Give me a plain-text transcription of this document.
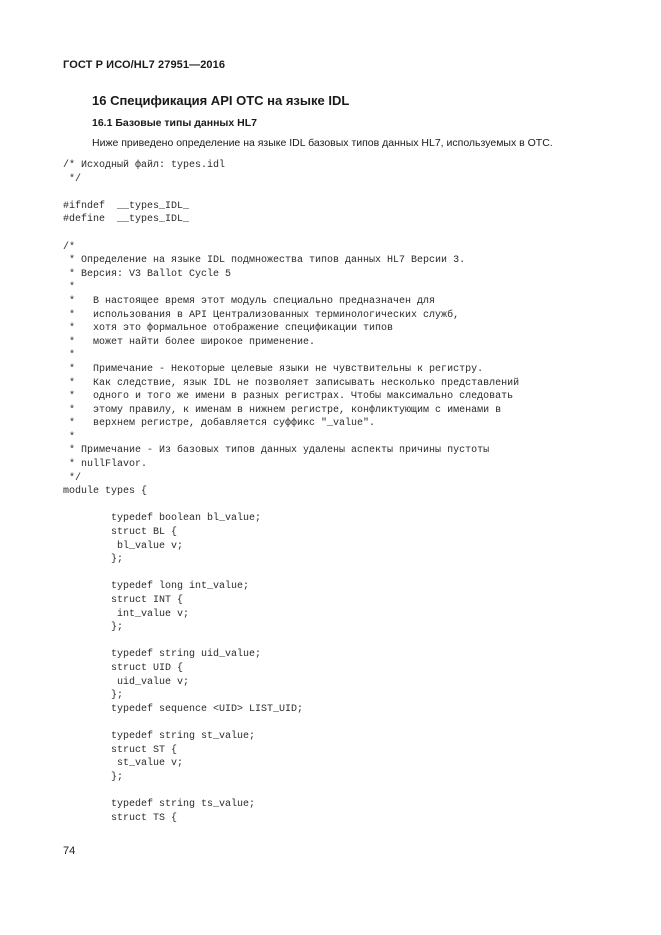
ГОСТ Р ИСО/HL7 27951—2016
16 Спецификация API OTC на языке IDL
16.1 Базовые типы данных HL7
Ниже приведено определение на языке IDL базовых типов данных HL7, используемых в ОТС.
/* Исходный файл: types.idl
*/
#ifndef  __types_IDL_
#define  __types_IDL_
/*
* Определение на языке IDL подмножества типов данных HL7 Версии 3.
* Версия: V3 Ballot Cycle 5
*
*   В настоящее время этот модуль специально предназначен для
*   использования в API Централизованных терминологических служб,
*   хотя это формальное отображение спецификации типов
*   может найти более широкое применение.
*
*   Примечание - Некоторые целевые языки не чувствительны к регистру.
*   Как следствие, язык IDL не позволяет записывать несколько представлений
*   одного и того же имени в разных регистрах. Чтобы максимально следовать
*   этому правилу, к именам в нижнем регистре, конфликтующим с именами в
*   верхнем регистре, добавляется суффикс "_value".
*
* Примечание - Из базовых типов данных удалены аспекты причины пустоты
* nullFlavor.
*/
module types {
typedef boolean bl_value;
struct BL {
bl_value v;
};
typedef long int_value;
struct INT {
int_value v;
};
typedef string uid_value;
struct UID {
uid_value v;
};
typedef sequence <UID> LIST_UID;
typedef string st_value;
struct ST {
st_value v;
};
typedef string ts_value;
struct TS {
74
